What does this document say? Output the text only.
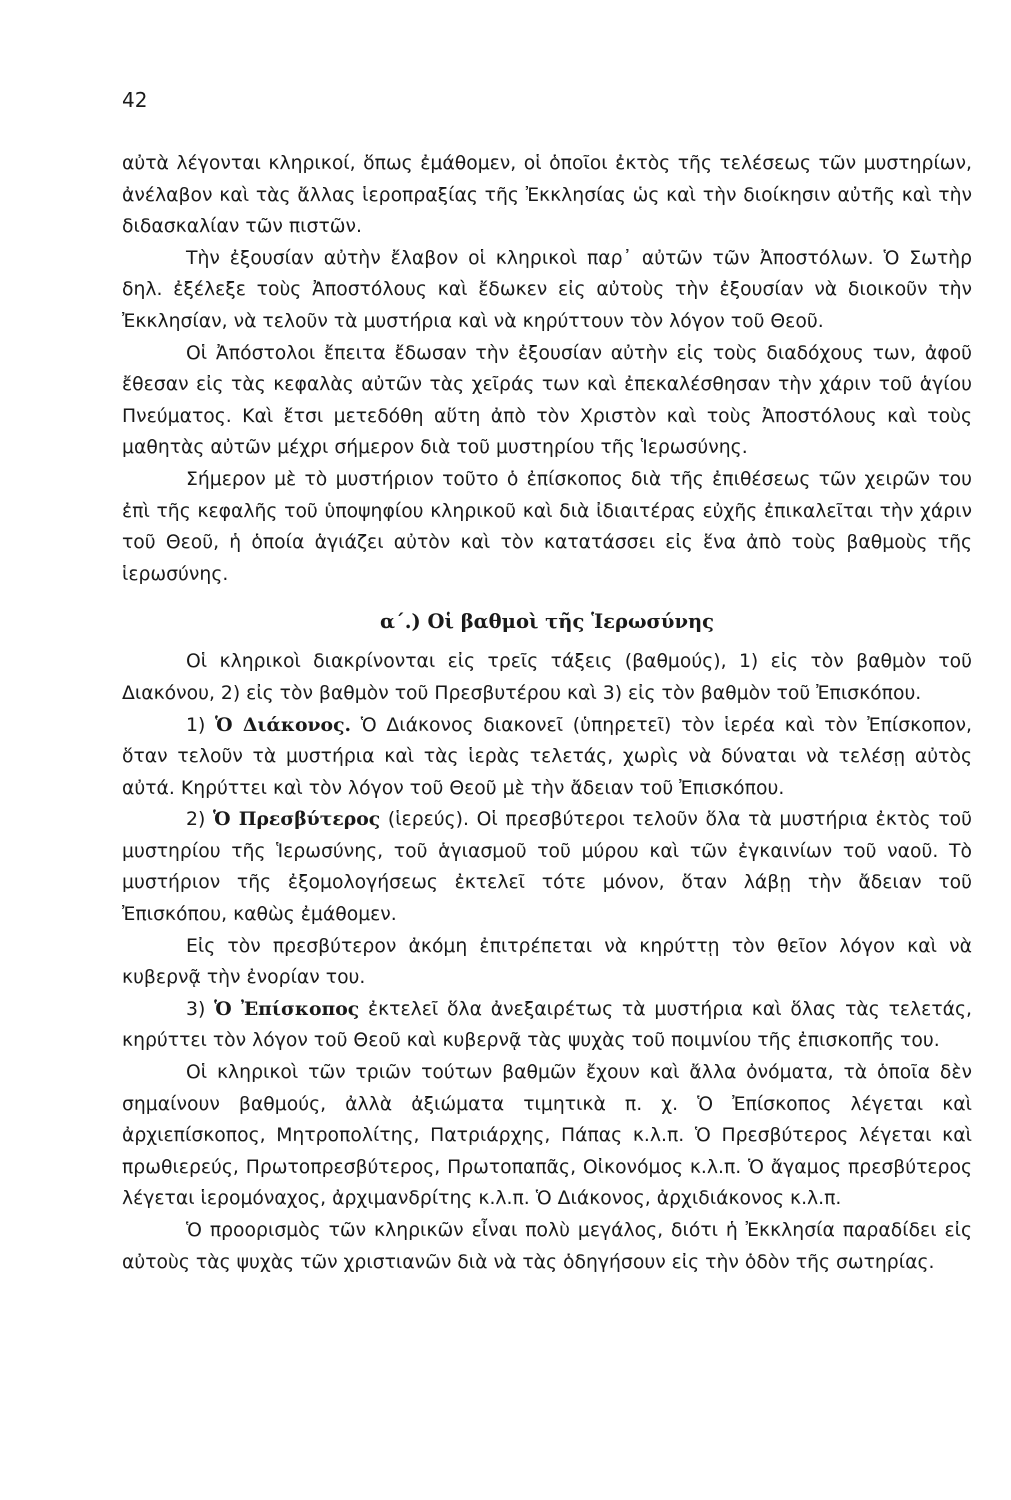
42

αὐτὰ λέγονται κληρικοί, ὅπως ἐμάθομεν, οἱ ὁποῖοι ἐκτὸς τῆς τελέσεως τῶν μυστηρίων, ἀνέλαβον καὶ τὰς ἄλλας ἱεροπραξίας τῆς Ἐκκλησίας ὡς καὶ τὴν διοίκησιν αὐτῆς καὶ τὴν διδασκαλίαν τῶν πιστῶν.

Τὴν ἐξουσίαν αὐτὴν ἔλαβον οἱ κληρικοὶ παρ᾽ αὐτῶν τῶν Ἀποστόλων. Ὁ Σωτὴρ δηλ. ἐξέλεξε τοὺς Ἀποστόλους καὶ ἔδωκεν εἰς αὐτοὺς τὴν ἐξουσίαν νὰ διοικοῦν τὴν Ἐκκλησίαν, νὰ τελοῦν τὰ μυστήρια καὶ νὰ κηρύττουν τὸν λόγον τοῦ Θεοῦ.

Οἱ Ἀπόστολοι ἔπειτα ἔδωσαν τὴν ἐξουσίαν αὐτὴν εἰς τοὺς διαδόχους των, ἀφοῦ ἔθεσαν εἰς τὰς κεφαλὰς αὐτῶν τὰς χεῖράς των καὶ ἐπεκαλέσθησαν τὴν χάριν τοῦ ἁγίου Πνεύματος. Καὶ ἔτσι μετεδόθη αὕτη ἀπὸ τὸν Χριστὸν καὶ τοὺς Ἀποστόλους καὶ τοὺς μαθητὰς αὐτῶν μέχρι σήμερον διὰ τοῦ μυστηρίου τῆς Ἱερωσύνης.

Σήμερον μὲ τὸ μυστήριον τοῦτο ὁ ἐπίσκοπος διὰ τῆς ἐπιθέσεως τῶν χειρῶν του ἐπὶ τῆς κεφαλῆς τοῦ ὑποψηφίου κληρικοῦ καὶ διὰ ἰδιαιτέρας εὐχῆς ἐπικαλεῖται τὴν χάριν τοῦ Θεοῦ, ἡ ὁποία ἁγιάζει αὐτὸν καὶ τὸν κατατάσσει εἰς ἕνα ἀπὸ τοὺς βαθμοὺς τῆς ἱερωσύνης.

α΄.) Οἱ βαθμοὶ τῆς Ἱερωσύνης

Οἱ κληρικοὶ διακρίνονται εἰς τρεῖς τάξεις (βαθμούς), 1) εἰς τὸν βαθμὸν τοῦ Διακόνου, 2) εἰς τὸν βαθμὸν τοῦ Πρεσβυτέρου καὶ 3) εἰς τὸν βαθμὸν τοῦ Ἐπισκόπου.

1) Ὁ Διάκονος. Ὁ Διάκονος διακονεῖ (ὑπηρετεῖ) τὸν ἱερέα καὶ τὸν Ἐπίσκοπον, ὅταν τελοῦν τὰ μυστήρια καὶ τὰς ἱερὰς τελετάς, χωρὶς νὰ δύναται νὰ τελέσῃ αὐτὸς αὐτά. Κηρύττει καὶ τὸν λόγον τοῦ Θεοῦ μὲ τὴν ἄδειαν τοῦ Ἐπισκόπου.

2) Ὁ Πρεσβύτερος (ἱερεύς). Οἱ πρεσβύτεροι τελοῦν ὅλα τὰ μυστήρια ἐκτὸς τοῦ μυστηρίου τῆς Ἱερωσύνης, τοῦ ἁγιασμοῦ τοῦ μύρου καὶ τῶν ἐγκαινίων τοῦ ναοῦ. Τὸ μυστήριον τῆς ἐξομολογήσεως ἐκτελεῖ τότε μόνον, ὅταν λάβῃ τὴν ἄδειαν τοῦ Ἐπισκόπου, καθὼς ἐμάθομεν.

Εἰς τὸν πρεσβύτερον ἀκόμη ἐπιτρέπεται νὰ κηρύττῃ τὸν θεῖον λόγον καὶ νὰ κυβερνᾷ τὴν ἐνορίαν του.

3) Ὁ Ἐπίσκοπος ἐκτελεῖ ὅλα ἀνεξαιρέτως τὰ μυστήρια καὶ ὅλας τὰς τελετάς, κηρύττει τὸν λόγον τοῦ Θεοῦ καὶ κυβερνᾷ τὰς ψυχὰς τοῦ ποιμνίου τῆς ἐπισκοπῆς του.

Οἱ κληρικοὶ τῶν τριῶν τούτων βαθμῶν ἔχουν καὶ ἄλλα ὀνόματα, τὰ ὁποῖα δὲν σημαίνουν βαθμούς, ἀλλὰ ἀξιώματα τιμητικὰ π. χ. Ὁ Ἐπίσκοπος λέγεται καὶ ἀρχιεπίσκοπος, Μητροπολίτης, Πατριάρχης, Πάπας κ.λ.π. Ὁ Πρεσβύτερος λέγεται καὶ πρωθιερεύς, Πρωτοπρεσβύτερος, Πρωτοπαπᾶς, Οἰκονόμος κ.λ.π. Ὁ ἄγαμος πρεσβύτερος λέγεται ἱερομόναχος, ἀρχιμανδρίτης κ.λ.π. Ὁ Διάκονος, ἀρχιδιάκονος κ.λ.π.

Ὁ προορισμὸς τῶν κληρικῶν εἶναι πολὺ μεγάλος, διότι ἡ Ἐκκλησία παραδίδει εἰς αὐτοὺς τὰς ψυχὰς τῶν χριστιανῶν διὰ νὰ τὰς ὁδηγήσουν εἰς τὴν ὁδὸν τῆς σωτηρίας.
